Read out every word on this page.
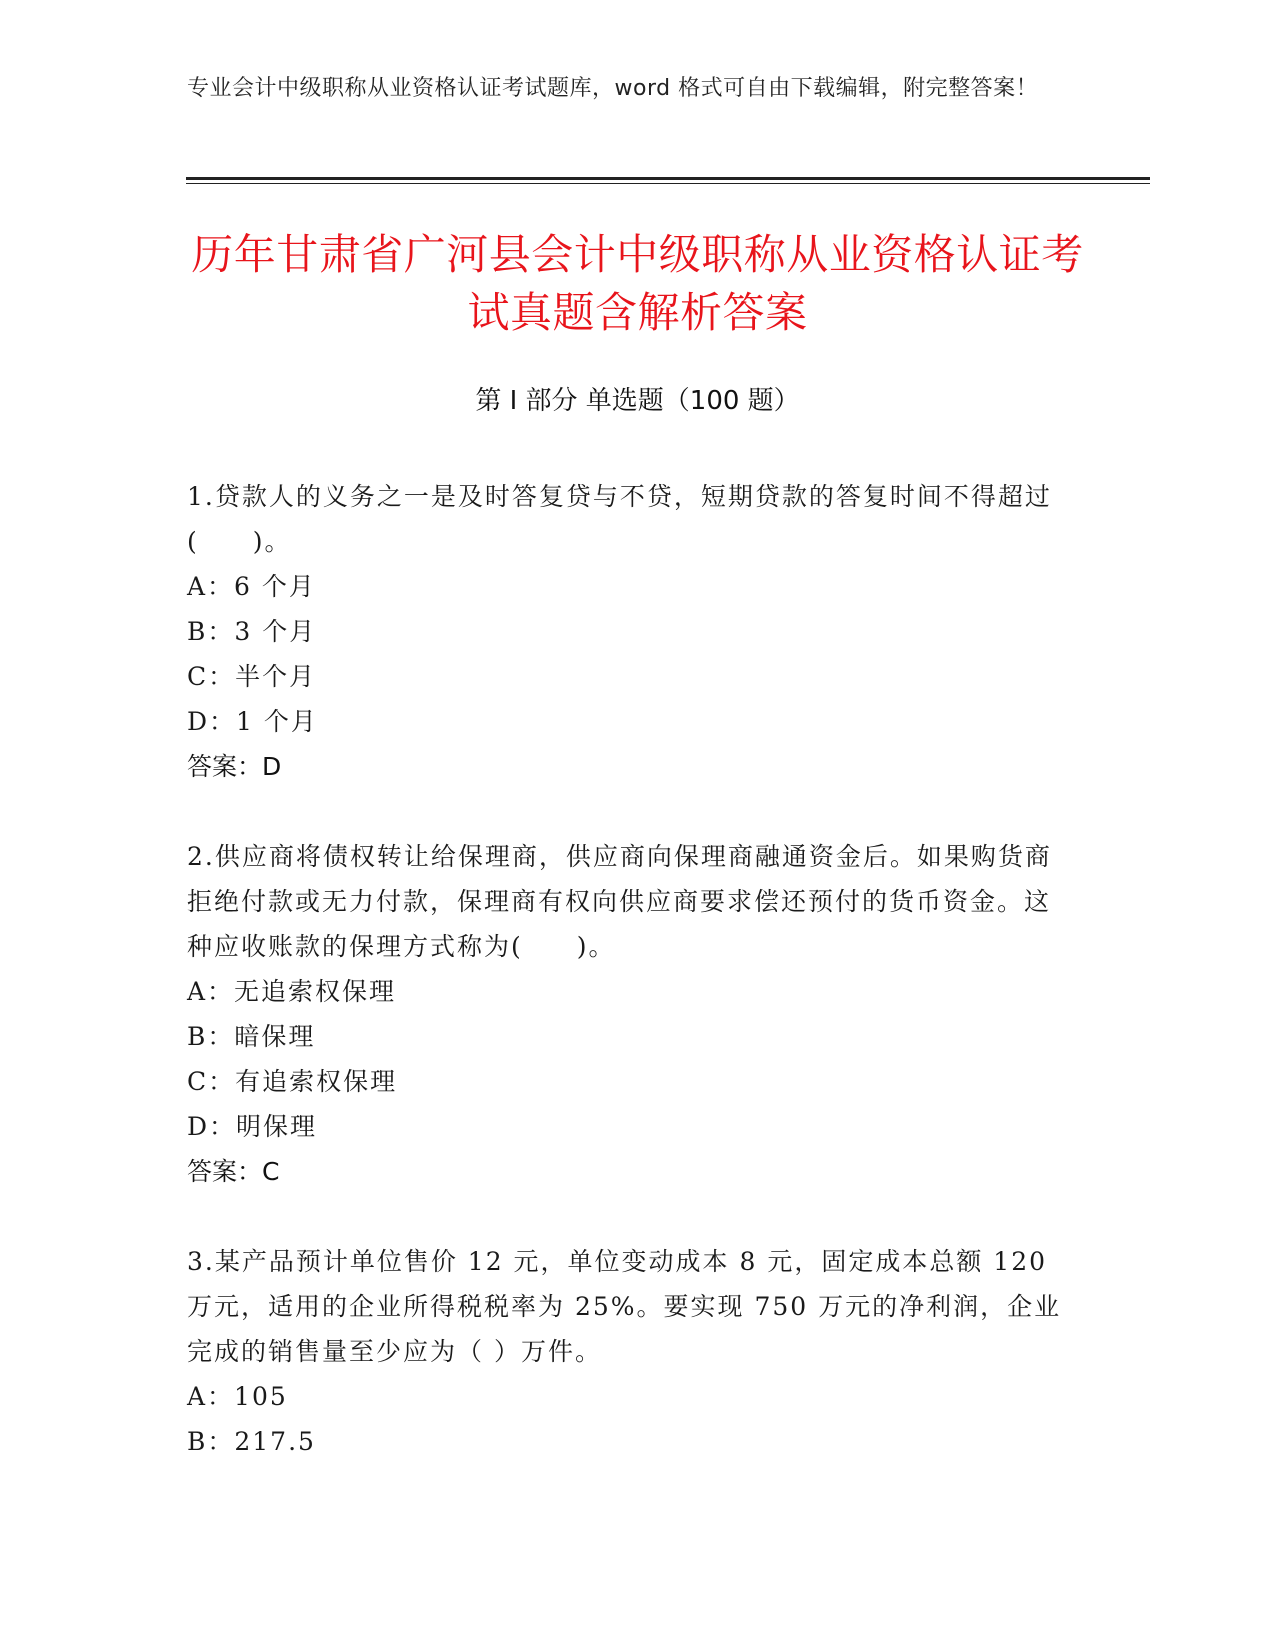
专业会计中级职称从业资格认证考试题库，word 格式可自由下载编辑，附完整答案！
历年甘肃省广河县会计中级职称从业资格认证考试真题含解析答案
第 I 部分 单选题（100 题）
1.贷款人的义务之一是及时答复贷与不贷，短期贷款的答复时间不得超过(　　)。
A：6 个月
B：3 个月
C：半个月
D：1 个月
答案：D
2.供应商将债权转让给保理商，供应商向保理商融通资金后。如果购货商拒绝付款或无力付款，保理商有权向供应商要求偿还预付的货币资金。这种应收账款的保理方式称为(　　)。
A：无追索权保理
B：暗保理
C：有追索权保理
D：明保理
答案：C
3.某产品预计单位售价 12 元，单位变动成本 8 元，固定成本总额 120 万元，适用的企业所得税税率为 25%。要实现 750 万元的净利润，企业完成的销售量至少应为（ ）万件。
A：105
B：217.5
